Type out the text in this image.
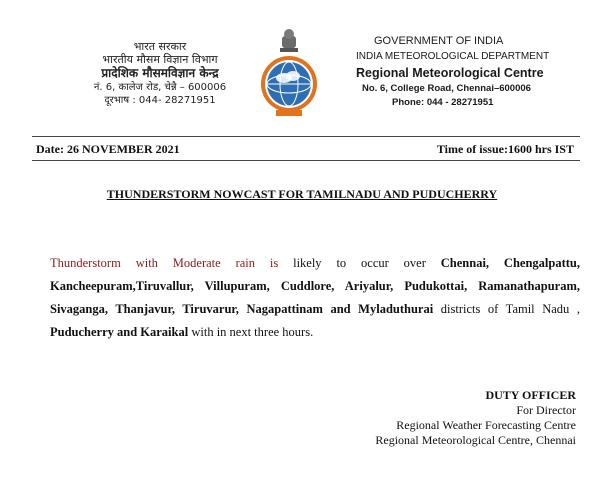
भारत सरकार
भारतीय मौसम विज्ञान विभाग
प्रादेशिक मौसमविज्ञान केन्द्र
नं. 6, कालेज रोड, चेन्नै – 600006
दूरभाष : 044- 28271951
GOVERNMENT OF INDIA
INDIA METEOROLOGICAL DEPARTMENT
Regional Meteorological Centre
No. 6, College Road, Chennai–600006
Phone: 044 - 28271951
Date: 26 NOVEMBER 2021	Time of issue:1600 hrs IST
THUNDERSTORM NOWCAST FOR TAMILNADU AND PUDUCHERRY
Thunderstorm with Moderate rain is likely to occur over Chennai, Chengalpattu, Kancheepuram,Tiruvallur, Villupuram, Cuddlore, Ariyalur, Pudukottai, Ramanathapuram, Sivaganga, Thanjavur, Tiruvarur, Nagapattinam and Myladuthurai districts of Tamil Nadu , Puducherry and Karaikal with in next three hours.
DUTY OFFICER
For Director
Regional Weather Forecasting Centre
Regional Meteorological Centre, Chennai
